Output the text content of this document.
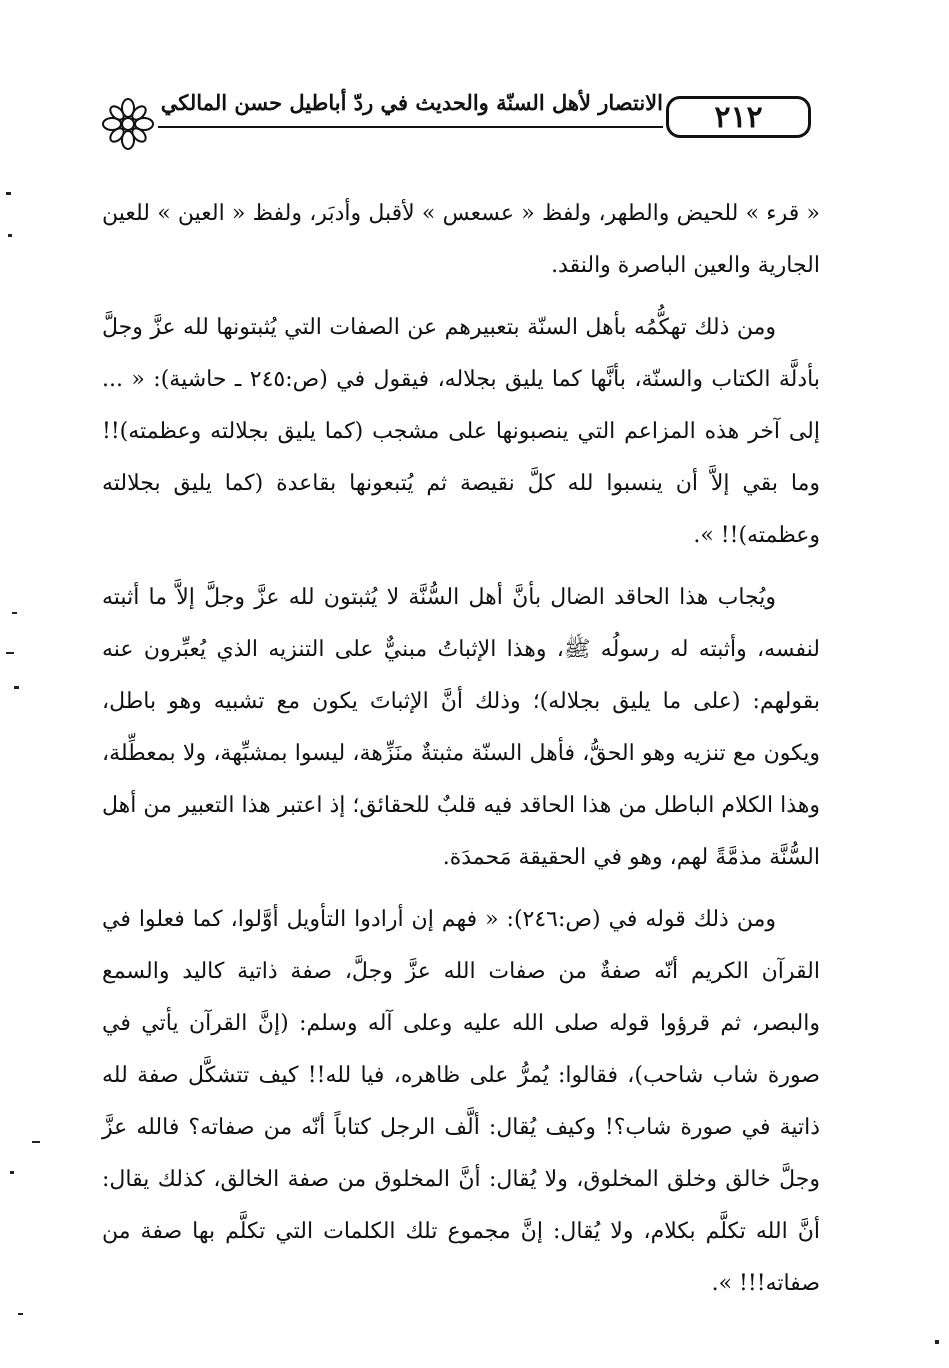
٢١٢
الانتصار لأهل السنّة والحديث في ردّ أباطيل حسن المالكي

« قرء » للحيض والطهر، ولفظ « عسعس » لأقبل وأدبَر، ولفظ « العين » للعين الجارية والعين الباصرة والنقد.

ومن ذلك تهكُّمُه بأهل السنّة بتعبيرهم عن الصفات التي يُثبتونها لله عزَّ وجلَّ بأدلَّة الكتاب والسنّة، بأنَّها كما يليق بجلاله، فيقول في (ص:٢٤٥ ـ حاشية): « ... إلى آخر هذه المزاعم التي ينصبونها على مشجب (كما يليق بجلالته وعظمته)!! وما بقي إلاَّ أن ينسبوا لله كلَّ نقيصة ثم يُتبعونها بقاعدة (كما يليق بجلالته وعظمته)!! ».

ويُجاب هذا الحاقد الضال بأنَّ أهل السُّنَّة لا يُثبتون لله عزَّ وجلَّ إلاَّ ما أثبته لنفسه، وأثبته له رسولُه ﷺ، وهذا الإثباتُ مبنيٌّ على التنزيه الذي يُعبِّرون عنه بقولهم: (على ما يليق بجلاله)؛ وذلك أنَّ الإثباتَ يكون مع تشبيه وهو باطل، ويكون مع تنزيه وهو الحقُّ، فأهل السنّة مثبتةٌ منَزِّهة، ليسوا بمشبِّهة، ولا بمعطِّلة، وهذا الكلام الباطل من هذا الحاقد فيه قلبٌ للحقائق؛ إذ اعتبر هذا التعبير من أهل السُّنَّة مذمَّةً لهم، وهو في الحقيقة مَحمدَة.

ومن ذلك قوله في (ص:٢٤٦): « فهم إن أرادوا التأويل أوَّلوا، كما فعلوا في القرآن الكريم أنّه صفةٌ من صفات الله عزَّ وجلَّ، صفة ذاتية كاليد والسمع والبصر، ثم قرؤوا قوله صلى الله عليه وعلى آله وسلم: (إنَّ القرآن يأتي في صورة شاب شاحب)، فقالوا: يُمرُّ على ظاهره، فيا لله!! كيف تتشكَّل صفة لله ذاتية في صورة شاب؟! وكيف يُقال: ألَّف الرجل كتاباً أنّه من صفاته؟ فالله عزَّ وجلَّ خالق وخلق المخلوق، ولا يُقال: أنَّ المخلوق من صفة الخالق، كذلك يقال: أنَّ الله تكلَّم بكلام، ولا يُقال: إنَّ مجموع تلك الكلمات التي تكلَّم بها صفة من صفاته!!! ».
